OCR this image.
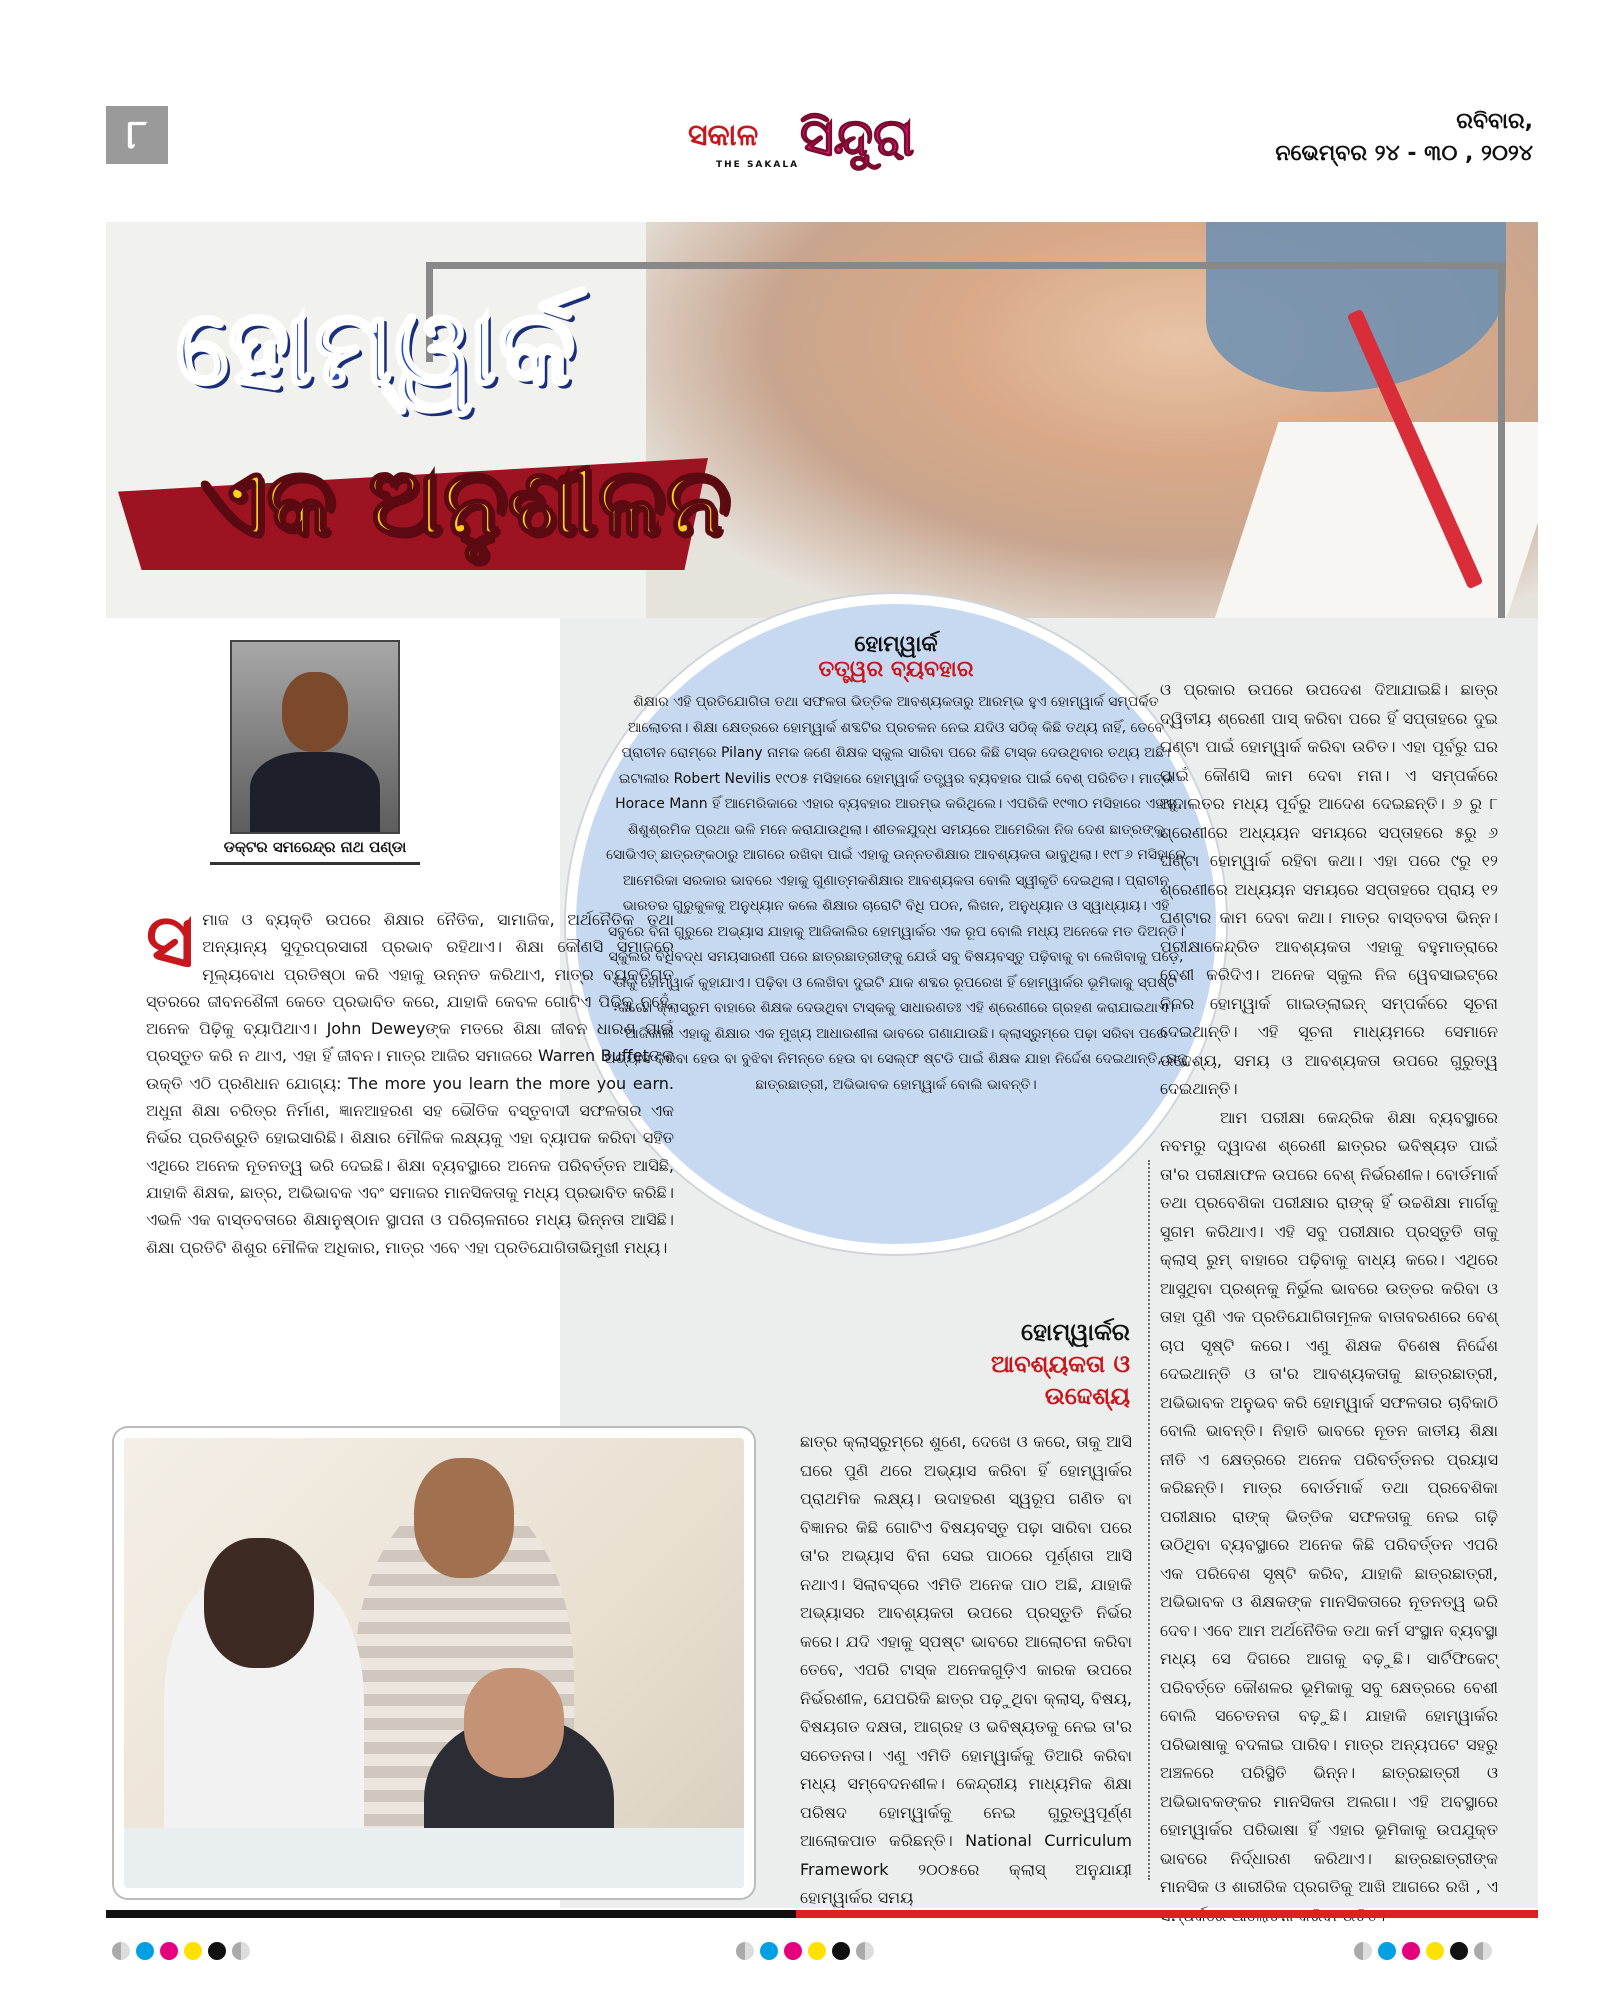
୮	ସକାଳ
THE SAKALA ସିନ୍ଦୁରା	ରବିବାର,
ନଭେମ୍ବର ୨୪ - ୩୦ , ୨୦୨୪
ହୋମ୍‌ୱାର୍କ
ଏକ ଅନୁଶୀଳନ
ହୋମ୍‌ୱାର୍କ
ତତ୍ତ୍ୱର ବ୍ୟବହାର
ଶିକ୍ଷାର ଏହି ପ୍ରତିଯୋଗିତା ତଥା ସଫଳତା ଭିତ୍ତିକ ଆବଶ୍ୟକତାରୁ ଆରମ୍ଭ ହୁଏ ହୋମ୍‌ୱାର୍କ ସମ୍ପର୍କିତ ଆଲୋଚନା। ଶିକ୍ଷା କ୍ଷେତ୍ରରେ ହୋମ୍‌ୱାର୍କ ଶବ୍ଦଟିର ପ୍ରଚଳନ ନେଇ ଯଦିଓ ସଠିକ୍ କିଛି ତଥ୍ୟ ନାହିଁ, ତେବେ ପ୍ରାଚୀନ ରୋମ୍‌ରେ Pilany ନାମକ ଜଣେ ଶିକ୍ଷକ ସ୍କୁଲ ସାରିବା ପରେ କିଛି ଟାସ୍କ ଦେଉଥିବାର ତଥ୍ୟ ଅଛି। ଇଟାଲୀର Robert Nevilis ୧୯୦୫ ମସିହାରେ ହୋମ୍‌ୱାର୍କ ତତ୍ତ୍ୱର ବ୍ୟବହାର ପାଇଁ ବେଶ୍ ପରିଚିତ। ମାତ୍ର Horace Mann ହିଁ ଆମେରିକାରେ ଏହାର ବ୍ୟବହାର ଆରମ୍ଭ କରିଥିଲେ। ଏପରିକି ୧୯୩୦ ମସିହାରେ ଏହାକୁ ଶିଶୁଶ୍ରମିକ ପ୍ରଥା ଭଳି ମନେ କରାଯାଉଥିଲା। ଶୀତଳଯୁଦ୍ଧ ସମୟରେ ଆମେରିକା ନିଜ ଦେଶ ଛାତ୍ରଙ୍କୁ ସୋଭିଏତ୍ ଛାତ୍ରଙ୍କଠାରୁ ଆଗରେ ରଖିବା ପାଇଁ ଏହାକୁ ଉନ୍ନତଶିକ୍ଷାର ଆବଶ୍ୟକତା ଭାବୁଥିଲା। ୧୯୮୬ ମସିହାରେ ଆମେରିକା ସରକାର ଭାବରେ ଏହାକୁ ଗୁଣାତ୍ମକଶିକ୍ଷାର ଆବଶ୍ୟକତା ବୋଲି ସ୍ୱୀକୃତି ଦେଇଥିଲା। ପ୍ରାଚୀନ ଭାରତର ଗୁରୁକୁଳକୁ ଅନୁଧ୍ୟାନ କଲେ ଶିକ୍ଷାର ଚାରୋଟି ବିଧି ପଠନ, ଲିଖନ, ଅନୁଧ୍ୟାନ ଓ ସ୍ୱାଧ୍ୟାୟ। ଏହି ସବୁରେ ବିନା ଗୁରୁରେ ଅଭ୍ୟାସ ଯାହାକୁ ଆଜିକାଲିର ହୋମ୍‌ୱାର୍କର ଏକ ରୂପ ବୋଲି ମଧ୍ୟ ଅନେକେ ମତ ଦିଅନ୍ତି।
ସ୍କୁଲର ବିଧିବଦ୍ଧ ସମୟସାରଣୀ ପରେ ଛାତ୍ରଛାତ୍ରୀଙ୍କୁ ଯେଉଁ ସବୁ ବିଷୟବସ୍ତୁ ପଢ଼ିବାକୁ ବା ଲେଖିବାକୁ ପଡ଼େ, ତାକୁ ହୋମ୍‌ୱାର୍କ କୁହାଯାଏ। ପଢ଼ିବା ଓ ଲେଖିବା ଦୁଇଟି ଯାକ ଶବ୍ଦର ରୂପରେଖ ହିଁ ହୋମ୍‌ୱାର୍କର ଭୂମିକାକୁ ସ୍ପଷ୍ଟ କରେ। କ୍ଲାସ୍‌ରୁମ ବାହାରେ ଶିକ୍ଷକ ଦେଉଥିବା ଟାସ୍କକୁ ସାଧାରଣତଃ ଏହି ଶ୍ରେଣୀରେ ଗ୍ରହଣ କରାଯାଇଥାଏ। ଆଜିକାଲି ଏହାକୁ ଶିକ୍ଷାର ଏକ ମୁଖ୍ୟ ଆଧାରଶୀଳା ଭାବରେ ଗଣାଯାଉଛି। କ୍ଲାସ୍‌ରୁମ୍‌ରେ ପଢ଼ା ସରିବା ପରେ ଅଭ୍ୟାସ କରିବା ହେଉ ବା ବୁଝିବା ନିମନ୍ତେ ହେଉ ବା ସେଲ୍ଫ ଷ୍ଟଡି ପାଇଁ ଶିକ୍ଷକ ଯାହା ନିର୍ଦ୍ଦେଶ ଦେଇଥାନ୍ତି, ତାକୁ ଛାତ୍ରଛାତ୍ରୀ, ଅଭିଭାବକ ହୋମ୍‌ୱାର୍କ ବୋଲି ଭାବନ୍ତି।
ଡକ୍ଟର ସମରେନ୍ଦ୍ର ନାଥ ପଣ୍ଡା
ସ ମାଜ ଓ ବ୍ୟକ୍ତି ଉପରେ ଶିକ୍ଷାର ନୈତିକ, ସାମାଜିକ, ଅର୍ଥନୈତିକ ତଥା ଅନ୍ୟାନ୍ୟ ସୁଦୂରପ୍ରସାରୀ ପ୍ରଭାବ ରହିଥାଏ। ଶିକ୍ଷା କୌଣସି ସମାଜରେ ମୂଲ୍ୟବୋଧ ପ୍ରତିଷ୍ଠା କରି ଏହାକୁ ଉନ୍ନତ କରିଥାଏ, ମାତ୍ର ବ୍ୟକ୍ତିଗତ ସ୍ତରରେ ଜୀବନଶୈଳୀ କେତେ ପ୍ରଭାବିତ କରେ, ଯାହାକି କେବଳ ଗୋଟିଏ ପିଢ଼ିକୁ ନୁହେଁ, ଅନେକ ପିଢ଼ିକୁ ବ୍ୟାପିଥାଏ। John Deweyଙ୍କ ମତରେ ଶିକ୍ଷା ଜୀବନ ଧାରଣ ପାଇଁ ପ୍ରସ୍ତୁତ କରି ନ ଥାଏ, ଏହା ହିଁ ଜୀବନ। ମାତ୍ର ଆଜିର ସମାଜରେ Warren Buffetଙ୍କ ଉକ୍ତି ଏଠି ପ୍ରଣିଧାନ ଯୋଗ୍ୟ: The more you learn the more you earn. ଅଧୁନା ଶିକ୍ଷା ଚରିତ୍ର ନିର୍ମାଣ, ଜ୍ଞାନଆହରଣ ସହ ଭୌତିକ ବସ୍ତୁବାଦୀ ସଫଳତାର ଏକ ନିର୍ଭର ପ୍ରତିଶ୍ରୁତି ହୋଇସାରିଛି। ଶିକ୍ଷାର ମୌଳିକ ଲକ୍ଷ୍ୟକୁ ଏହା ବ୍ୟାପକ କରିବା ସହିତ ଏଥିରେ ଅନେକ ନୂତନତ୍ୱ ଭରି ଦେଇଛି। ଶିକ୍ଷା ବ୍ୟବସ୍ଥାରେ ଅନେକ ପରିବର୍ତ୍ତନ ଆସିଛି, ଯାହାକି ଶିକ୍ଷକ, ଛାତ୍ର, ଅଭିଭାବକ ଏବଂ ସମାଜର ମାନସିକତାକୁ ମଧ୍ୟ ପ୍ରଭାବିତ କରିଛି। ଏଭଳି ଏକ ବାସ୍ତବତାରେ ଶିକ୍ଷାନୁଷ୍ଠାନ ସ୍ଥାପନା ଓ ପରିଚାଳନାରେ ମଧ୍ୟ ଭିନ୍ନତା ଆସିଛି। ଶିକ୍ଷା ପ୍ରତିଟି ଶିଶୁର ମୌଳିକ ଅଧିକାର, ମାତ୍ର ଏବେ ଏହା ପ୍ରତିଯୋଗିତାଭିମୁଖୀ ମଧ୍ୟ।
ହୋମ୍‌ୱାର୍କର
ଆବଶ୍ୟକତା ଓ
ଉଦ୍ଦେଶ୍ୟ
ଛାତ୍ର କ୍ଲାସ୍‌ରୁମ୍‌ରେ ଶୁଣେ, ଦେଖେ ଓ କରେ, ତାକୁ ଆସି ଘରେ ପୁଣି ଥରେ ଅଭ୍ୟାସ କରିବା ହିଁ ହୋମ୍‌ୱାର୍କର ପ୍ରାଥମିକ ଲକ୍ଷ୍ୟ। ଉଦାହରଣ ସ୍ୱରୂପ ଗଣିତ ବା ବିଜ୍ଞାନର କିଛି ଗୋଟିଏ ବିଷୟବସ୍ତୁ ପଢ଼ା ସାରିବା ପରେ ତା'ର ଅଭ୍ୟାସ ବିନା ସେଇ ପାଠରେ ପୂର୍ଣ୍ଣତା ଆସି ନଥାଏ। ସିଲାବସ୍‌ରେ ଏମିତି ଅନେକ ପାଠ ଅଛି, ଯାହାକି ଅଭ୍ୟାସର ଆବଶ୍ୟକତା ଉପରେ ପ୍ରସ୍ତୁତି ନିର୍ଭର କରେ। ଯଦି ଏହାକୁ ସ୍ପଷ୍ଟ ଭାବରେ ଆଲୋଚନା କରିବା ତେବେ, ଏପରି ଟାସ୍କ ଅନେକଗୁଡ଼ିଏ କାରକ ଉପରେ ନିର୍ଭରଶୀଳ, ଯେପରିକି ଛାତ୍ର ପଢ଼ୁଥିବା କ୍ଲାସ୍, ବିଷୟ, ବିଷୟଗତ ଦକ୍ଷତା, ଆଗ୍ରହ ଓ ଭବିଷ୍ୟତକୁ ନେଇ ତା'ର ସଚେତନତା। ଏଣୁ ଏମିତି ହୋମ୍‌ୱାର୍କକୁ ତିଆରି କରିବା ମଧ୍ୟ ସମ୍ବେଦନଶୀଳ। କେନ୍ଦ୍ରୀୟ ମାଧ୍ୟମିକ ଶିକ୍ଷା ପରିଷଦ ହୋମ୍‌ୱାର୍କକୁ ନେଇ ଗୁରୁତ୍ୱପୂର୍ଣ୍ଣ ଆଲୋକପାତ କରିଛନ୍ତି। National Curriculum Framework ୨୦୦୫ରେ କ୍ଲାସ୍ ଅନୁଯାୟୀ ହୋମ୍‌ୱାର୍କର ସମୟ
ଓ ପ୍ରକାର ଉପରେ ଉପଦେଶ ଦିଆଯାଇଛି। ଛାତ୍ର ଦ୍ୱିତୀୟ ଶ୍ରେଣୀ ପାସ୍ କରିବା ପରେ ହିଁ ସପ୍ତାହରେ ଦୁଇ ଘଣ୍ଟା ପାଇଁ ହୋମ୍‌ୱାର୍କ କରିବା ଉଚିତ। ଏହା ପୂର୍ବରୁ ଘର ପାଇଁ କୌଣସି କାମ ଦେବା ମନା। ଏ ସମ୍ପର୍କରେ ଅଦାଲତର ମଧ୍ୟ ପୂର୍ବରୁ ଆଦେଶ ଦେଇଛନ୍ତି। ୬ ରୁ ୮ ଶ୍ରେଣୀରେ ଅଧ୍ୟୟନ ସମୟରେ ସପ୍ତାହରେ ୫ରୁ ୬ ଘଣ୍ଟା ହୋମ୍‌ୱାର୍କ ରହିବା କଥା। ଏହା ପରେ ୯ରୁ ୧୨ ଶ୍ରେଣୀରେ ଅଧ୍ୟୟନ ସମୟରେ ସପ୍ତାହରେ ପ୍ରାୟ ୧୨ ଘଣ୍ଟାର କାମ ଦେବା କଥା। ମାତ୍ର ବାସ୍ତବତା ଭିନ୍ନ। ପରୀକ୍ଷାକେନ୍ଦ୍ରିତ ଆବଶ୍ୟକତା ଏହାକୁ ବହୁମାତ୍ରାରେ ବେଶୀ କରିଦିଏ। ଅନେକ ସ୍କୁଲ ନିଜ ୱେବସାଇଟ୍‌ରେ ନିଜର ହୋମ୍‌ୱାର୍କ ଗାଇଡ୍‌ଲାଇନ୍ ସମ୍ପର୍କରେ ସୂଚନା ଦେଇଥାନ୍ତି। ଏହି ସୂଚନା ମାଧ୍ୟମରେ ସେମାନେ ଉଦ୍ଦେଶ୍ୟ, ସମୟ ଓ ଆବଶ୍ୟକତା ଉପରେ ଗୁରୁତ୍ୱ ଦେଇଥାନ୍ତି।
ଆମ ପରୀକ୍ଷା କେନ୍ଦ୍ରିକ ଶିକ୍ଷା ବ୍ୟବସ୍ଥାରେ ନବମରୁ ଦ୍ୱାଦଶ ଶ୍ରେଣୀ ଛାତ୍ରର ଭବିଷ୍ୟତ ପାଇଁ ତା'ର ପରୀକ୍ଷାଫଳ ଉପରେ ବେଶ୍ ନିର୍ଭରଶୀଳ। ବୋର୍ଡମାର୍କ ତଥା ପ୍ରବେଶିକା ପରୀକ୍ଷାର ରାଙ୍କ୍ ହିଁ ଉଚ୍ଚଶିକ୍ଷା ମାର୍ଗକୁ ସୁଗମ କରିଥାଏ। ଏହି ସବୁ ପରୀକ୍ଷାର ପ୍ରସ୍ତୁତି ତାକୁ କ୍ଲାସ୍ ରୁମ୍ ବାହାରେ ପଢ଼ିବାକୁ ବାଧ୍ୟ କରେ। ଏଥିରେ ଆସୁଥିବା ପ୍ରଶ୍ନକୁ ନିର୍ଭୁଲ ଭାବରେ ଉତ୍ତର କରିବା ଓ ତାହା ପୁଣି ଏକ ପ୍ରତିଯୋଗିତାମୂଳକ ବାତାବରଣରେ ବେଶ୍ ଚାପ ସୃଷ୍ଟି କରେ। ଏଣୁ ଶିକ୍ଷକ ବିଶେଷ ନିର୍ଦ୍ଦେଶ ଦେଇଥାନ୍ତି ଓ ତା'ର ଆବଶ୍ୟକତାକୁ ଛାତ୍ରଛାତ୍ରୀ, ଅଭିଭାବକ ଅନୁଭବ କରି ହୋମ୍‌ୱାର୍କ ସଫଳତାର ଚାବିକାଠି ବୋଲି ଭାବନ୍ତି। ନିହାତି ଭାବରେ ନୂତନ ଜାତୀୟ ଶିକ୍ଷା ନୀତି ଏ କ୍ଷେତ୍ରରେ ଅନେକ ପରିବର୍ତ୍ତନର ପ୍ରୟାସ କରିଛନ୍ତି। ମାତ୍ର ବୋର୍ଡମାର୍କ ତଥା ପ୍ରବେଶିକା ପରୀକ୍ଷାର ରାଙ୍କ୍ ଭିତ୍ତିକ ସଫଳତାକୁ ନେଇ ଗଢ଼ି ଉଠିଥିବା ବ୍ୟବସ୍ଥାରେ ଅନେକ କିଛି ପରିବର୍ତ୍ତନ ଏପରି ଏକ ପରିବେଶ ସୃଷ୍ଟି କରିବ, ଯାହାକି ଛାତ୍ରଛାତ୍ରୀ, ଅଭିଭାବକ ଓ ଶିକ୍ଷକଙ୍କ ମାନସିକତାରେ ନୂତନତ୍ୱ ଭରି ଦେବ। ଏବେ ଆମ ଅର୍ଥନୈତିକ ତଥା କର୍ମ ସଂସ୍ଥାନ ବ୍ୟବସ୍ଥା ମଧ୍ୟ ସେ ଦିଗରେ ଆଗକୁ ବଢ଼ୁଛି। ସାର୍ଟିଫିକେଟ୍ ପରିବର୍ତ୍ତେ କୌଶଳର ଭୂମିକାକୁ ସବୁ କ୍ଷେତ୍ରରେ ବେଶୀ ବୋଲି ସଚେତନତା ବଢ଼ୁଛି। ଯାହାକି ହୋମ୍‌ୱାର୍କର ପରିଭାଷାକୁ ବଦଳାଇ ପାରିବ। ମାତ୍ର ଅନ୍ୟପଟେ ସହରୁ ଅଞ୍ଚଳରେ ପରିସ୍ଥିତି ଭିନ୍ନ। ଛାତ୍ରଛାତ୍ରୀ ଓ ଅଭିଭାବକଙ୍କର ମାନସିକତା ଅଲଗା। ଏହି ଅବସ୍ଥାରେ ହୋମ୍‌ୱାର୍କର ପରିଭାଷା ହିଁ ଏହାର ଭୂମିକାକୁ ଉପଯୁକ୍ତ ଭାବରେ ନିର୍ଦ୍ଧାରଣ କରିଥାଏ। ଛାତ୍ରଛାତ୍ରୀଙ୍କ ମାନସିକ ଓ ଶାରୀରିକ ପ୍ରଗତିକୁ ଆଖି ଆଗରେ ରଖି , ଏ
